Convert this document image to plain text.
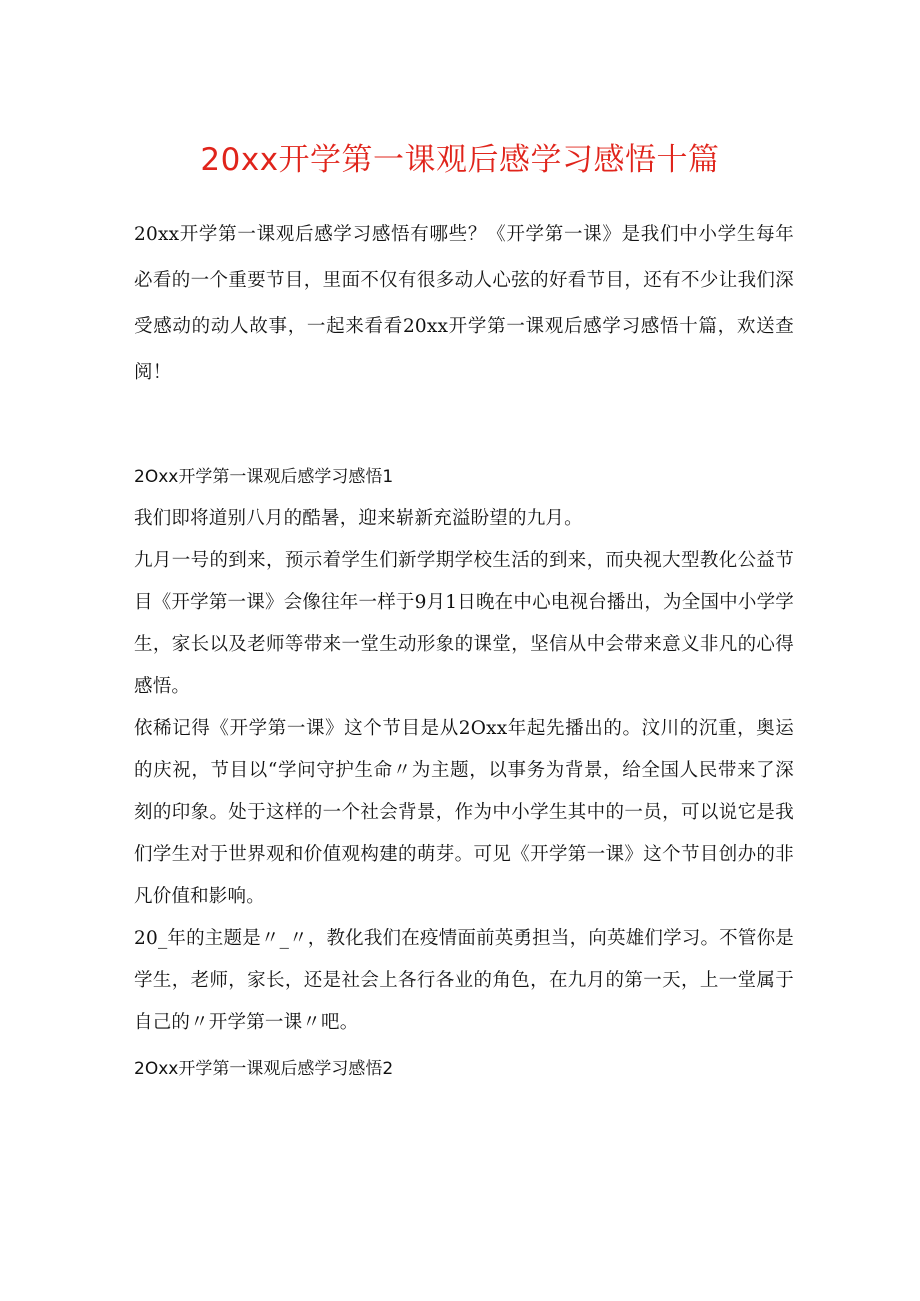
20xx开学第一课观后感学习感悟十篇

20xx开学第一课观后感学习感悟有哪些？《开学第一课》是我们中小学生每年必看的一个重要节目，里面不仅有很多动人心弦的好看节目，还有不少让我们深受感动的动人故事，一起来看看20xx开学第一课观后感学习感悟十篇，欢送查阅！

2Oxx开学第一课观后感学习感悟1

我们即将道别八月的酷暑，迎来崭新充溢盼望的九月。

九月一号的到来，预示着学生们新学期学校生活的到来，而央视大型教化公益节目《开学第一课》会像往年一样于9月1日晚在中心电视台播出，为全国中小学学生，家长以及老师等带来一堂生动形象的课堂，坚信从中会带来意义非凡的心得感悟。

依稀记得《开学第一课》这个节目是从2Oxx年起先播出的。汶川的沉重，奥运的庆祝，节目以“学问守护生命〃为主题，以事务为背景，给全国人民带来了深刻的印象。处于这样的一个社会背景，作为中小学生其中的一员，可以说它是我们学生对于世界观和价值观构建的萌芽。可见《开学第一课》这个节目创办的非凡价值和影响。

20_年的主题是〃_〃，教化我们在疫情面前英勇担当，向英雄们学习。不管你是学生，老师，家长，还是社会上各行各业的角色，在九月的第一天，上一堂属于自己的〃开学第一课〃吧。

2Oxx开学第一课观后感学习感悟2
